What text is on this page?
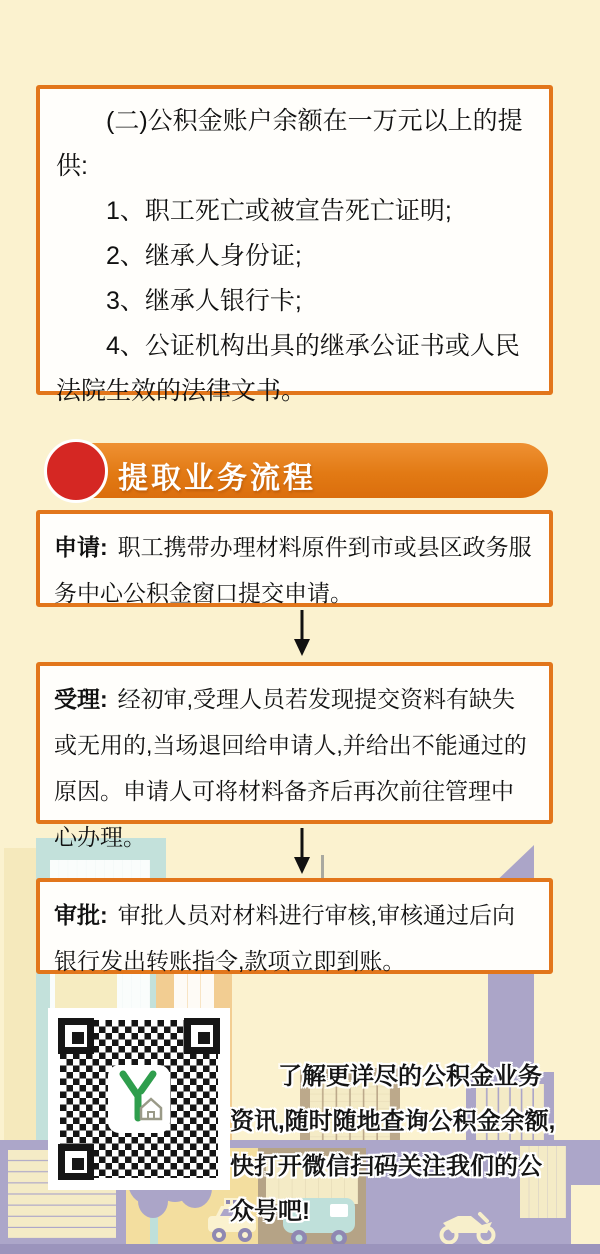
(二)公积金账户余额在一万元以上的提供:

1、职工死亡或被宣告死亡证明;

2、继承人身份证;

3、继承人银行卡;

4、公证机构出具的继承公证书或人民法院生效的法律文书。

提取业务流程
申请: 职工携带办理材料原件到市或县区政务服务中心公积金窗口提交申请。
受理: 经初审,受理人员若发现提交资料有缺失或无用的,当场退回给申请人,并给出不能通过的原因。申请人可将材料备齐后再次前往管理中心办理。
审批: 审批人员对材料进行审核,审核通过后向银行发出转账指令,款项立即到账。

了解更详尽的公积金业务资讯,随时随地查询公积金余额,快打开微信扫码关注我们的公众号吧!
